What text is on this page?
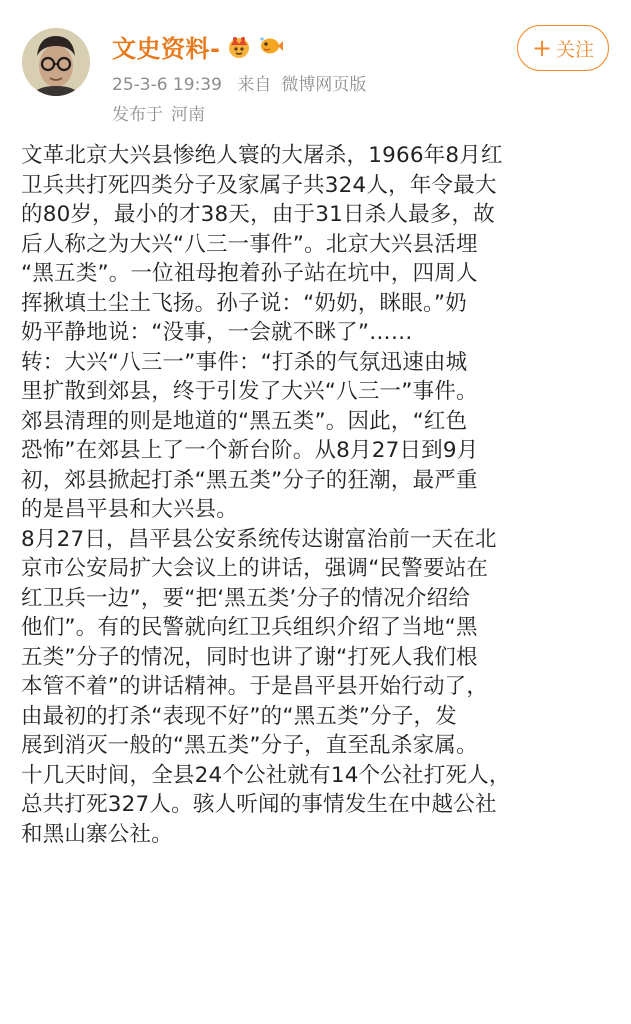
文史资料-
25-3-6 19:39 来自 微博网页版
发布于 河南
+ 关注
文革北京大兴县惨绝人寰的大屠杀，1966年8月红
卫兵共打死四类分子及家属子共324人，年令最大
的80岁，最小的才38天，由于31日杀人最多，故
后人称之为大兴“八三一事件”。北京大兴县活埋
“黑五类”。一位祖母抱着孙子站在坑中，四周人
挥揪填土尘土飞扬。孙子说：“奶奶，眯眼。”奶
奶平静地说：“没事，一会就不眯了”……
转：大兴“八三一”事件：“打杀的气氛迅速由城
里扩散到郊县，终于引发了大兴“八三一”事件。
郊县清理的则是地道的“黑五类”。因此，“红色
恐怖”在郊县上了一个新台阶。从8月27日到9月
初，郊县掀起打杀“黑五类”分子的狂潮，最严重
的是昌平县和大兴县。
8月27日，昌平县公安系统传达谢富治前一天在北
京市公安局扩大会议上的讲话，强调“民警要站在
红卫兵一边”，要“把‘黑五类’分子的情况介绍给
他们”。有的民警就向红卫兵组织介绍了当地“黑
五类”分子的情况，同时也讲了谢“打死人我们根
本管不着”的讲话精神。于是昌平县开始行动了，
由最初的打杀“表现不好”的“黑五类”分子，发
展到消灭一般的“黑五类”分子，直至乱杀家属。
十几天时间，全县24个公社就有14个公社打死人，
总共打死327人。骇人听闻的事情发生在中越公社
和黑山寨公社。
